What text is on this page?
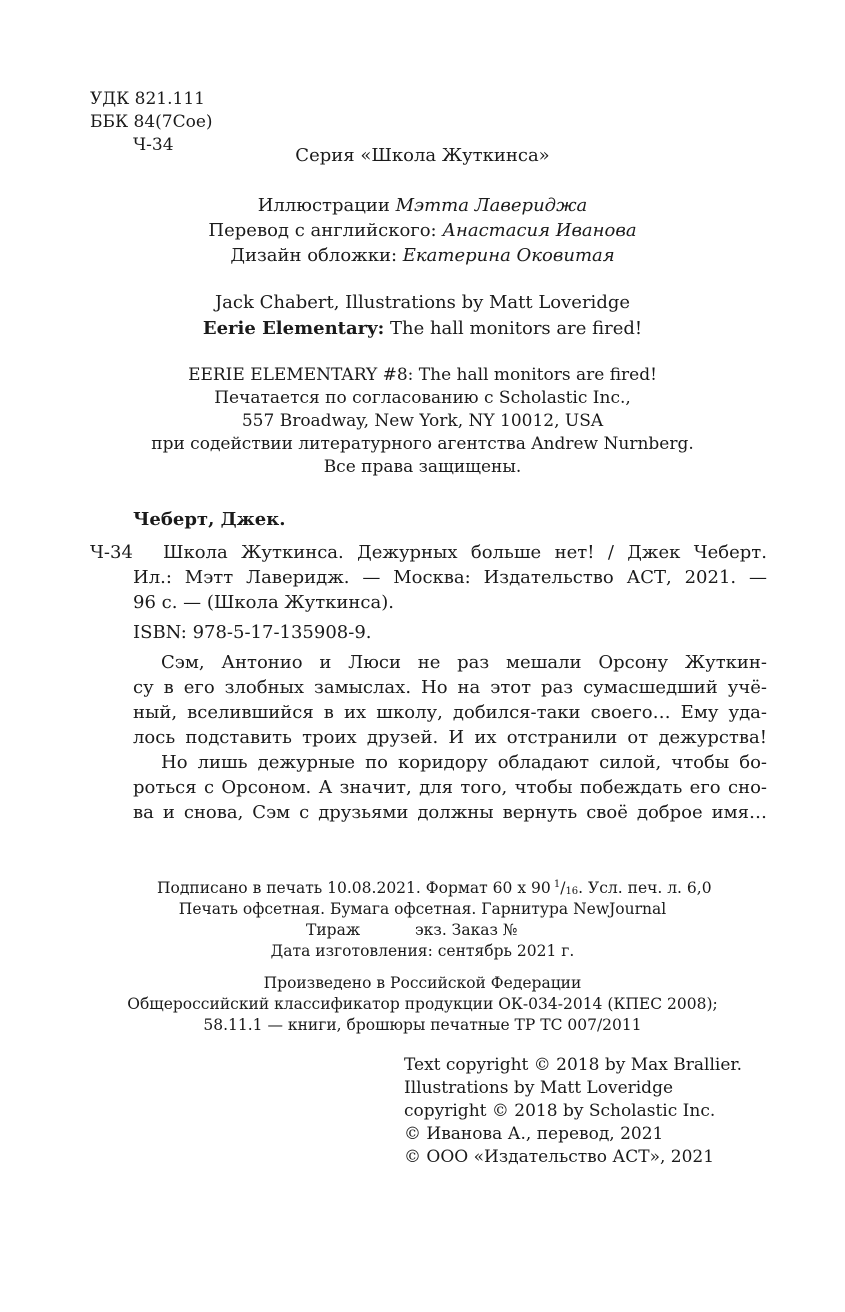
УДК 821.111
ББК 84(7Сое)
Ч-34	Серия «Школа Жуткинса»
Иллюстрации Мэтта Лавериджа
Перевод с английского: Анастасия Иванова
Дизайн обложки: Екатерина Оковитая
Jack Chabert, Illustrations by Matt Loveridge
Eerie Elementary: The hall monitors are fired!
EERIE ELEMENTARY #8: The hall monitors are fired!
Печатается по согласованию с Scholastic Inc.,
557 Broadway, New York, NY 10012, USA
при содействии литературного агентства Andrew Nurnberg.
Все права защищены.
Чеберт, Джек.
Ч-34 Школа Жуткинса. Дежурных больше нет! / Джек Чеберт.
Ил.: Мэтт Лаверидж. — Москва: Издательство АСТ, 2021. —
96 с. — (Школа Жуткинса).
ISBN: 978-5-17-135908-9.
Сэм, Антонио и Люси не раз мешали Орсону Жуткин-
су в его злобных замыслах. Но на этот раз сумасшедший учё-
ный, вселившийся в их школу, добился-таки своего… Ему уда-
лось подставить троих друзей. И их отстранили от дежурства!
Но лишь дежурные по коридору обладают силой, чтобы бо-
роться с Орсоном. А значит, для того, чтобы побеждать его сно-
ва и снова, Сэм с друзьями должны вернуть своё доброе имя…
Подписано в печать 10.08.2021. Формат 60 x 90  $^1/_{16}$. Усл. печ. л. 6,0
Печать офсетная. Бумага офсетная. Гарнитура NewJournal
Тираж	экз. Заказ №
Дата изготовления: сентябрь 2021 г.
Произведено в Российской Федерации
Общероссийский классификатор продукции ОК-034-2014 (КПЕС 2008);
58.11.1 — книги, брошюры печатные ТР ТС 007/2011
Text copyright © 2018 by Max Brallier.
Illustrations by Matt Loveridge
copyright © 2018 by Scholastic Inc.
© Иванова А., перевод, 2021
© ООО «Издательство АСТ», 2021
